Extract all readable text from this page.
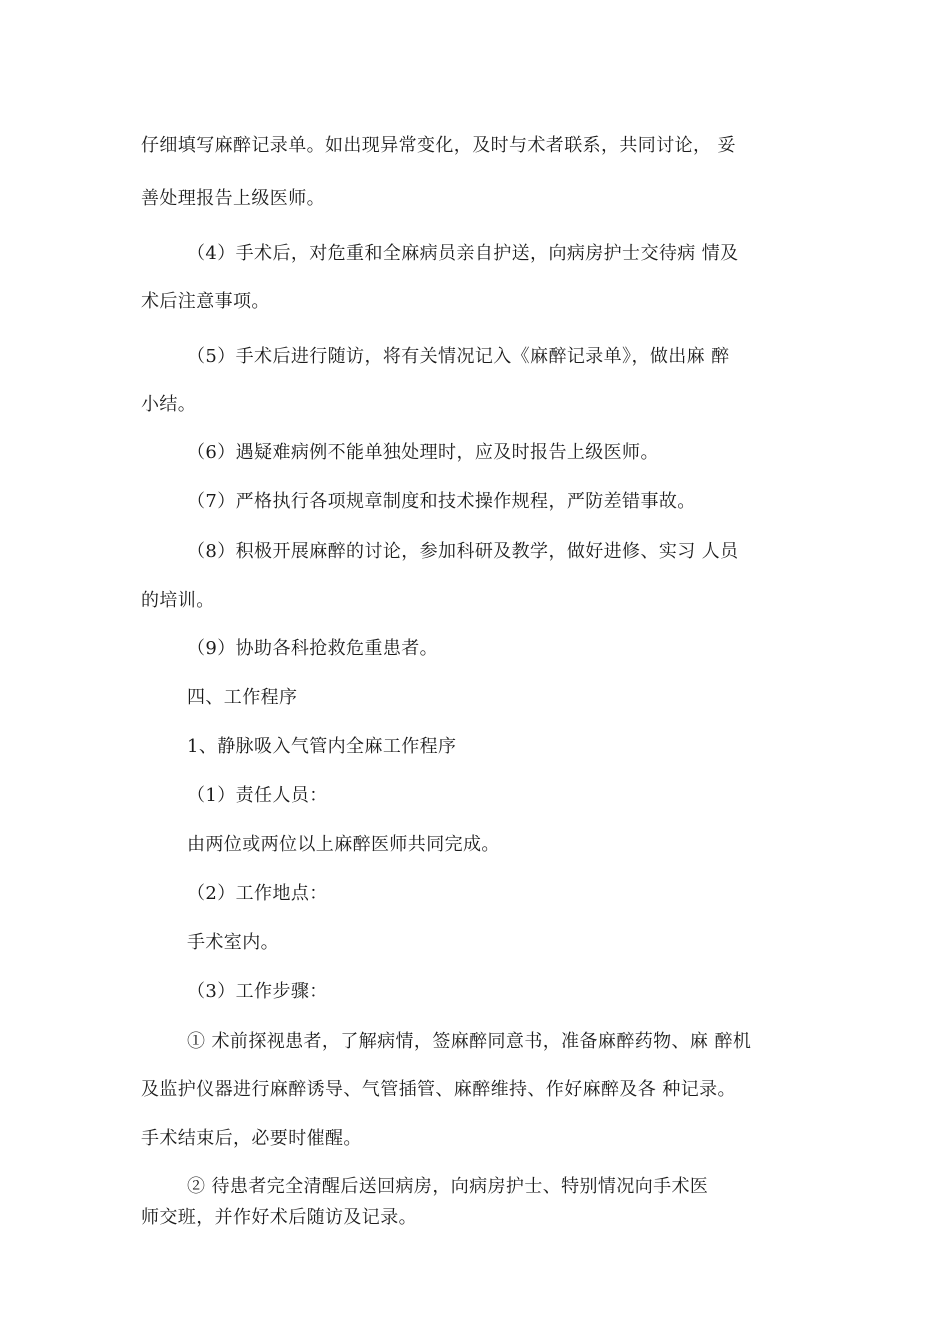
仔细填写麻醉记录单。如出现异常变化，及时与术者联系，共同讨论， 妥
善处理报告上级医师。
（4）手术后，对危重和全麻病员亲自护送，向病房护士交待病 情及
术后注意事项。
（5）手术后进行随访，将有关情况记入《麻醉记录单》，做出麻 醉
小结。
（6）遇疑难病例不能单独处理时，应及时报告上级医师。
（7）严格执行各项规章制度和技术操作规程，严防差错事故。
（8）积极开展麻醉的讨论，参加科研及教学，做好进修、实习 人员
的培训。
（9）协助各科抢救危重患者。
四、工作程序
1、静脉吸入气管内全麻工作程序
（1）责任人员：
由两位或两位以上麻醉医师共同完成。
（2）工作地点：
手术室内。
（3）工作步骤：
① 术前探视患者，了解病情，签麻醉同意书，准备麻醉药物、麻 醉机
及监护仪器进行麻醉诱导、气管插管、麻醉维持、作好麻醉及各 种记录。
手术结束后，必要时催醒。
② 待患者完全清醒后送回病房，向病房护士、特别情况向手术医
师交班，并作好术后随访及记录。
